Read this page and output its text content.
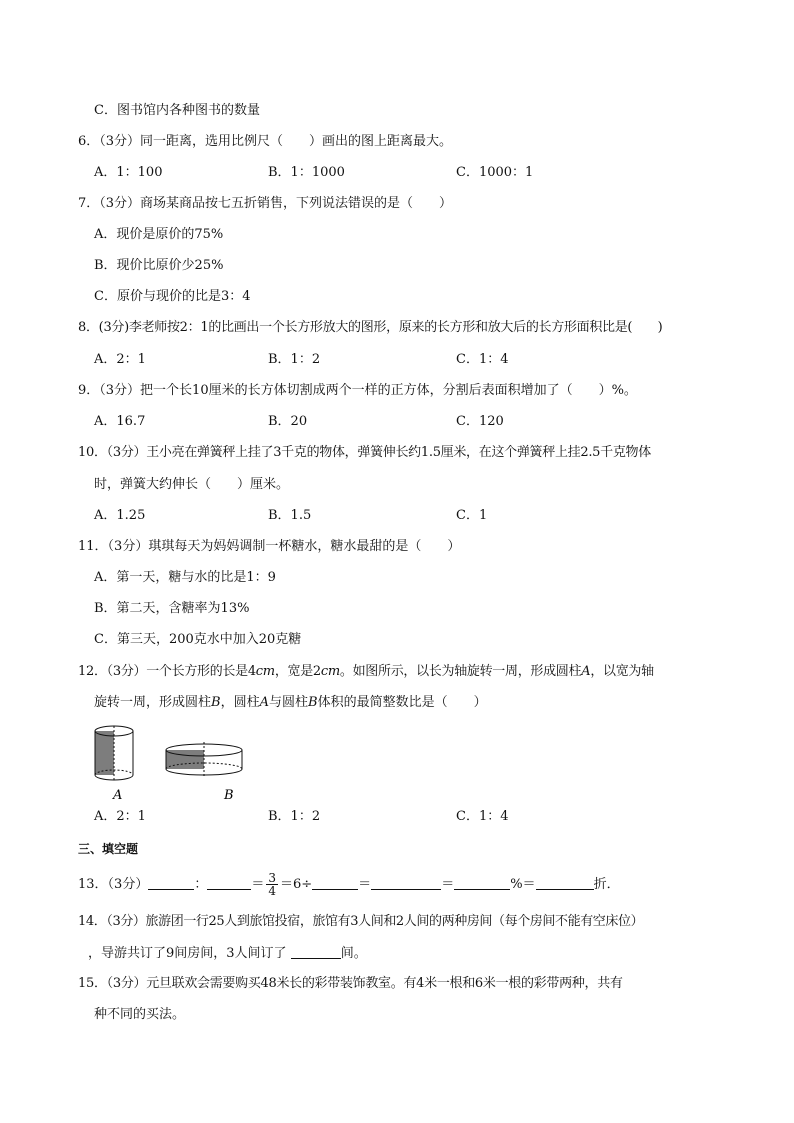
C．图书馆内各种图书的数量
6．（3分）同一距离，选用比例尺（　　）画出的图上距离最大。
A．1：100	B．1：1000	C．1000：1
7．（3分）商场某商品按七五折销售，下列说法错误的是（　　）
A．现价是原价的75%
B．现价比原价少25%
C．原价与现价的比是3：4
8．(3分)李老师按2：1的比画出一个长方形放大的图形，原来的长方形和放大后的长方形面积比是(　　)
A．2：1	B．1：2	C．1：4
9．（3分）把一个长10厘米的长方体切割成两个一样的正方体，分割后表面积增加了（　　）%。
A．16.7	B．20	C．120
10．（3分）王小亮在弹簧秤上挂了3千克的物体，弹簧伸长约1.5厘米，在这个弹簧秤上挂2.5千克物体
时，弹簧大约伸长（　　）厘米。
A．1.25	B．1.5	C．1
11．（3分）琪琪每天为妈妈调制一杯糖水，糖水最甜的是（　　）
A．第一天，糖与水的比是1：9
B．第二天，含糖率为13%
C．第三天，200克水中加入20克糖
12．（3分）一个长方形的长是4cm，宽是2cm。如图所示，以长为轴旋转一周，形成圆柱A，以宽为轴
旋转一周，形成圆柱B，圆柱A与圆柱B体积的最简整数比是（　　）
A	B
A．2：1	B．1：2	C．1：4
三、填空题
13．（3分）	：	＝ $\frac{3}{4} =6\div$	＝	＝	%＝	折．
14．（3分）旅游团一行25人到旅馆投宿，旅馆有3人间和2人间的两种房间（每个房间不能有空床位）
，导游共订了9间房间，3人间订了	间。
15．（3分）元旦联欢会需要购买48米长的彩带装饰教室。有4米一根和6米一根的彩带两种，共有
种不同的买法。
